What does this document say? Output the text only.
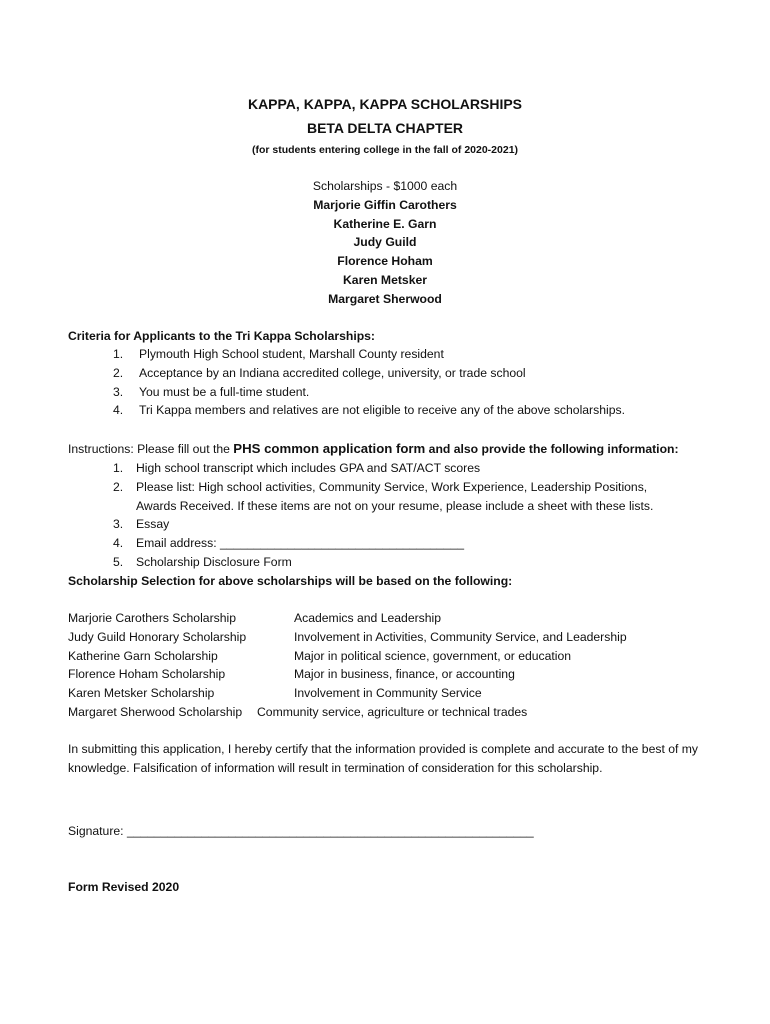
KAPPA, KAPPA, KAPPA SCHOLARSHIPS
BETA DELTA CHAPTER
(for students entering college in the fall of 2020-2021)
Scholarships - $1000 each
Marjorie Giffin Carothers
Katherine E. Garn
Judy Guild
Florence Hoham
Karen Metsker
Margaret Sherwood
Criteria for Applicants to the Tri Kappa Scholarships:
1.	Plymouth High School student, Marshall County resident
2.	Acceptance by an Indiana accredited college, university, or trade school
3.	You must be a full-time student.
4.	Tri Kappa members and relatives are not eligible to receive any of the above scholarships.
Instructions: Please fill out the PHS common application form and also provide the following information:
1.	High school transcript which includes GPA and SAT/ACT scores
2.	Please list: High school activities, Community Service, Work Experience, Leadership Positions,
Awards Received. If these items are not on your resume, please include a sheet with these lists.
3.	Essay
4.	Email address: ____________________________________
5.	Scholarship Disclosure Form
Scholarship Selection for above scholarships will be based on the following:
Marjorie Carothers Scholarship	Academics and Leadership
Judy Guild Honorary Scholarship	Involvement in Activities, Community Service, and Leadership
Katherine Garn Scholarship	Major in political science, government, or education
Florence Hoham Scholarship	Major in business, finance, or accounting
Karen Metsker Scholarship	Involvement in Community Service
Margaret Sherwood Scholarship Community service, agriculture or technical trades
In submitting this application, I hereby certify that the information provided is complete and accurate to the best of my knowledge. Falsification of information will result in termination of consideration for this scholarship.
Signature: ____________________________________________________________
Form Revised 2020
